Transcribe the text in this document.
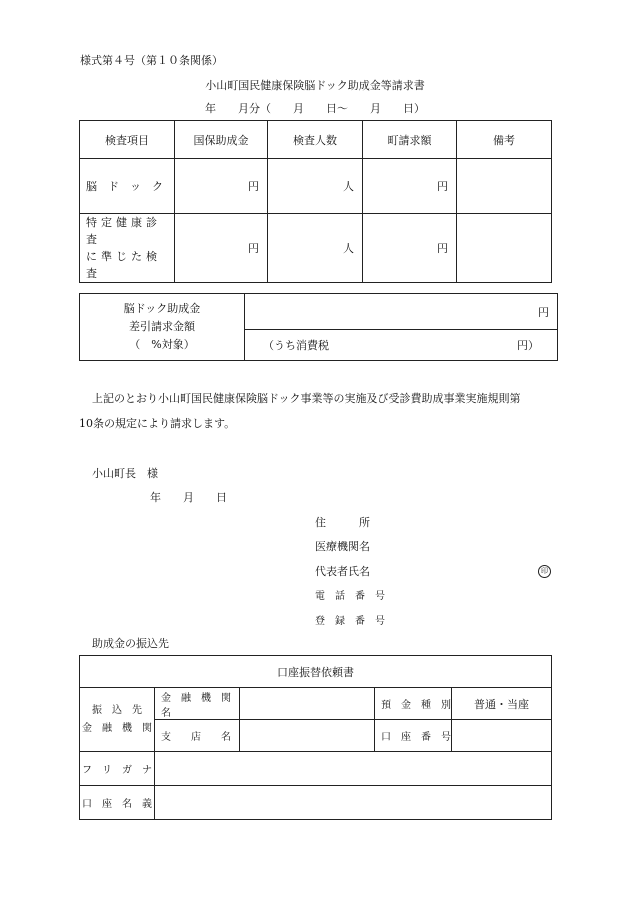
様式第４号（第１０条関係）
小山町国民健康保険脳ドック助成金等請求書
年　　月分（　　月　　日〜　　月　　日）
検査項目	国保助成金	検査人数	町請求額	備考
脳　ド　ッ　ク	円	人	円	

特定健康診査
に準じた検査	円	人	円	
脳ドック助成金
差引請求金額
（　%対象）
	円

（うち消費税	円）
上記のとおり小山町国民健康保険脳ドック事業等の実施及び受診費助成事業実施規則第
10条の規定により請求します。
小山町長　様
年　　月　　日
住　　　所
医療機関名
代表者氏名	印
電　話　番　号
登　録　番　号
助成金の振込先
口座振替依頼書				

振　込　先
金　融　機　関	金　融　機　関　名		預　金　種　別	普通・当座
	支　　店　　名		口　座　番　号	
フ　リ　ガ　ナ				
口　座　名　義				
